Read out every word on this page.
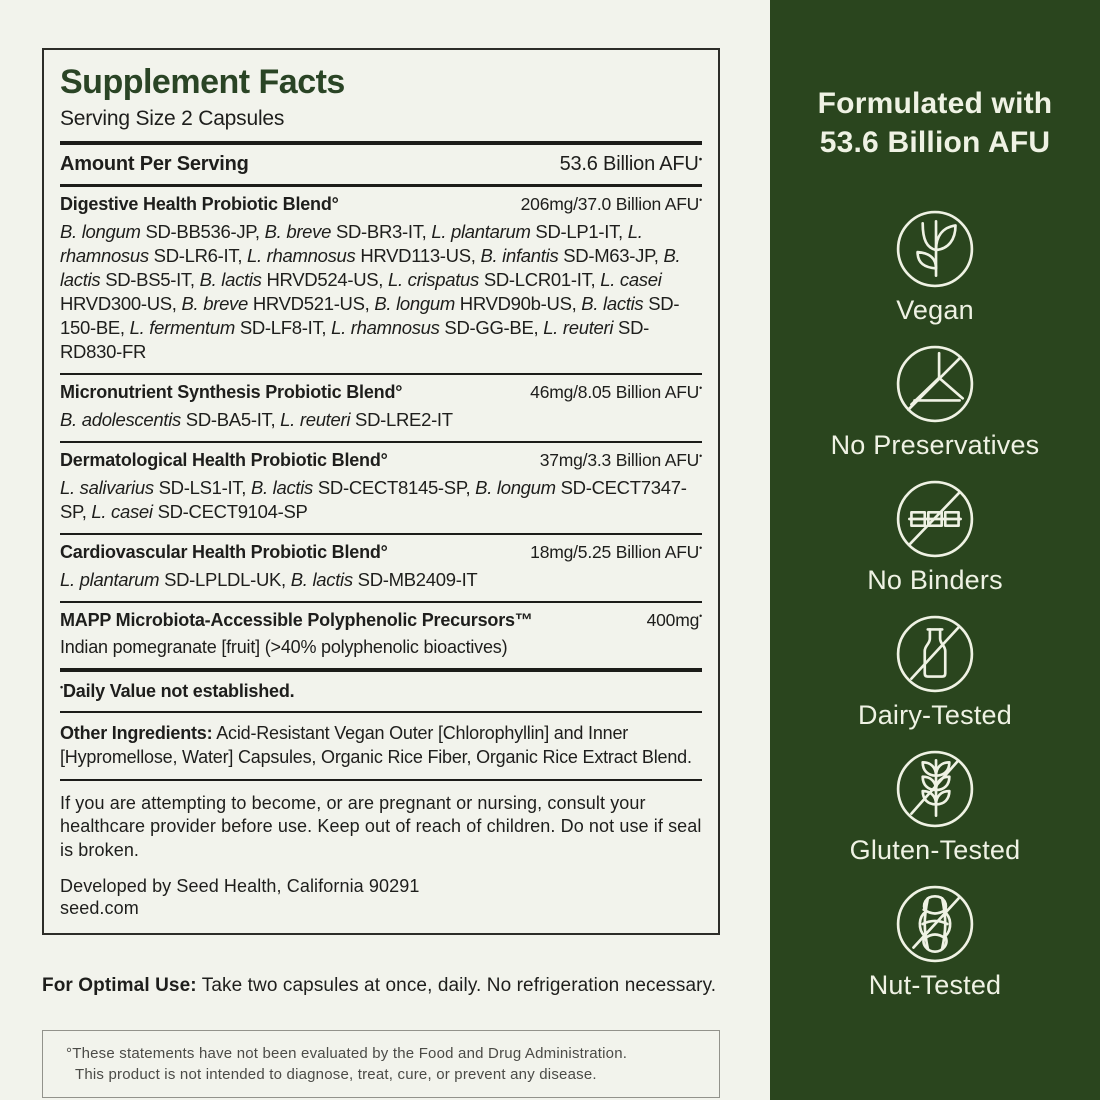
Supplement Facts
Serving Size 2 Capsules
Amount Per Serving	53.6 Billion AFU•
Digestive Health Probiotic Blend°	206mg/37.0 Billion AFU•
B. longum SD-BB536-JP, B. breve SD-BR3-IT, L. plantarum SD-LP1-IT, L. rhamnosus SD-LR6-IT, L. rhamnosus HRVD113-US, B. infantis SD-M63-JP, B. lactis SD-BS5-IT, B. lactis HRVD524-US, L. crispatus SD-LCR01-IT, L. casei HRVD300-US, B. breve HRVD521-US, B. longum HRVD90b-US, B. lactis SD-150-BE, L. fermentum SD-LF8-IT, L. rhamnosus SD-GG-BE, L. reuteri SD-RD830-FR
Micronutrient Synthesis Probiotic Blend°	46mg/8.05 Billion AFU•
B. adolescentis SD-BA5-IT, L. reuteri SD-LRE2-IT
Dermatological Health Probiotic Blend°	37mg/3.3 Billion AFU•
L. salivarius SD-LS1-IT, B. lactis SD-CECT8145-SP, B. longum SD-CECT7347-SP, L. casei SD-CECT9104-SP
Cardiovascular Health Probiotic Blend°	18mg/5.25 Billion AFU•
L. plantarum SD-LPLDL-UK, B. lactis SD-MB2409-IT
MAPP Microbiota-Accessible Polyphenolic Precursors™	400mg•
Indian pomegranate [fruit] (>40% polyphenolic bioactives)
•Daily Value not established.
Other Ingredients: Acid-Resistant Vegan Outer [Chlorophyllin] and Inner [Hypromellose, Water] Capsules, Organic Rice Fiber, Organic Rice Extract Blend.

If you are attempting to become, or are pregnant or nursing, consult your healthcare provider before use. Keep out of reach of children. Do not use if seal is broken.

Developed by Seed Health, California 90291
seed.com
For Optimal Use: Take two capsules at once, daily. No refrigeration necessary.
°These statements have not been evaluated by the Food and Drug Administration.
This product is not intended to diagnose, treat, cure, or prevent any disease.
Formulated with
53.6 Billion AFU
Vegan
No Preservatives
No Binders
Dairy-Tested
Gluten-Tested
Nut-Tested
